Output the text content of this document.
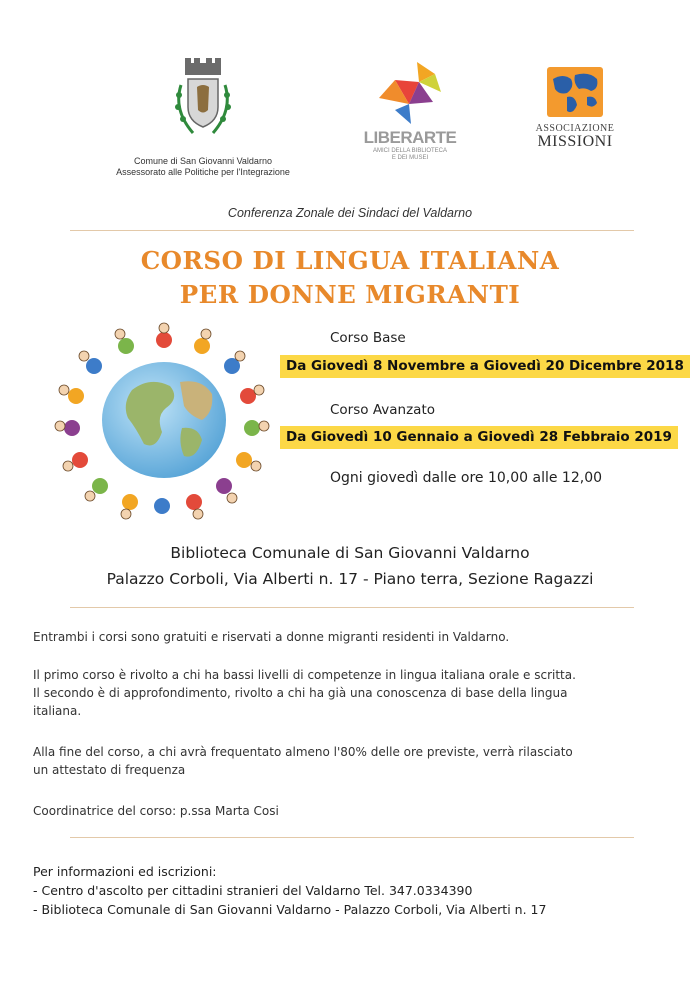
Comune di San Giovanni Valdarno
Assessorato alle Politiche per l'Integrazione
LIBERARTE
AMICI DELLA BIBLIOTECA
E DEI MUSEI
ASSOCIAZIONE
MISSIONI
Conferenza Zonale dei Sindaci del Valdarno
CORSO DI LINGUA ITALIANA
PER DONNE MIGRANTI
Corso Base
Da Giovedì 8 Novembre a Giovedì 20 Dicembre 2018
Corso Avanzato
Da Giovedì 10 Gennaio a Giovedì 28 Febbraio 2019
Ogni giovedì dalle ore 10,00 alle 12,00
Biblioteca Comunale di San Giovanni Valdarno
Palazzo Corboli, Via Alberti n. 17 - Piano terra, Sezione Ragazzi
Entrambi i corsi sono gratuiti e riservati a donne migranti residenti in Valdarno.
Il primo corso è rivolto a chi ha bassi livelli di competenze in lingua italiana orale e scritta.
Il secondo è di approfondimento, rivolto a chi ha già una conoscenza di base della lingua
italiana.
Alla fine del corso, a chi avrà frequentato almeno l'80% delle ore previste, verrà rilasciato
un attestato di frequenza
Coordinatrice del corso: p.ssa Marta Cosi
Per informazioni ed iscrizioni:
- Centro d'ascolto per cittadini stranieri del Valdarno Tel. 347.0334390
- Biblioteca Comunale di San Giovanni Valdarno - Palazzo Corboli, Via Alberti n. 17
